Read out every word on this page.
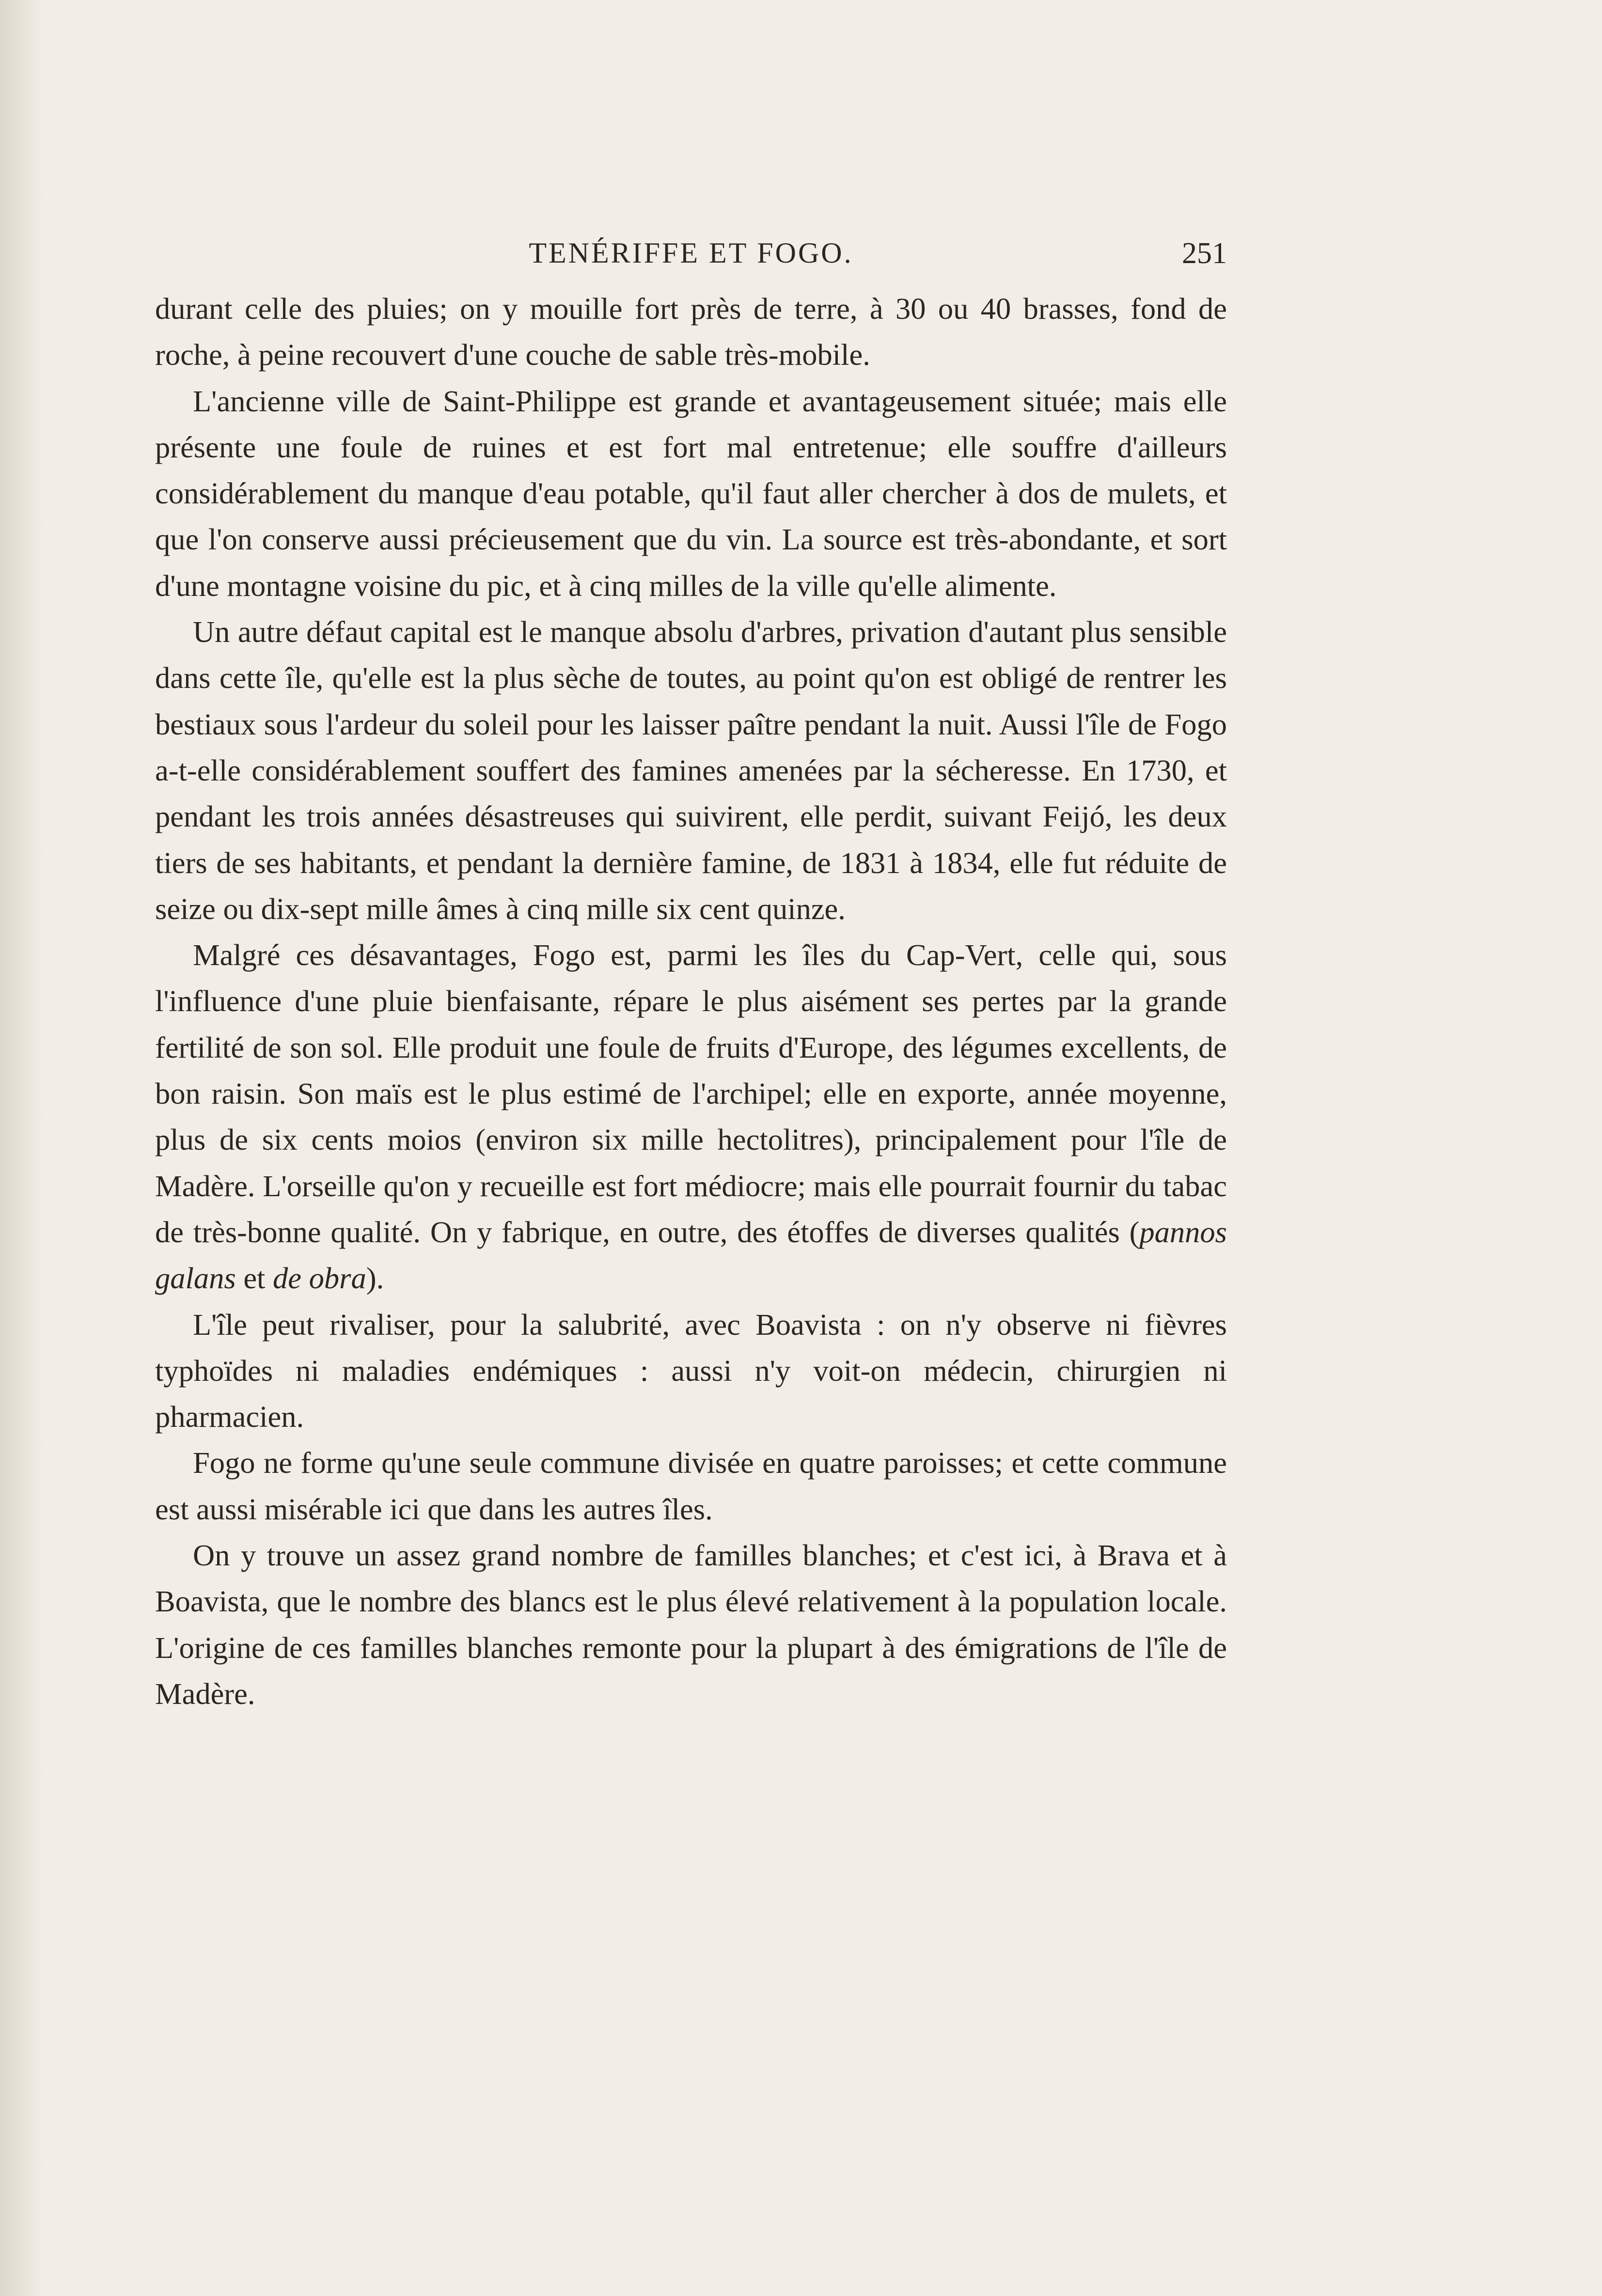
TENÉRIFFE ET FOGO.	251

durant celle des pluies; on y mouille fort près de terre, à 30 ou 40 brasses, fond de roche, à peine recouvert d'une couche de sable très-mobile.

L'ancienne ville de Saint-Philippe est grande et avantageusement située; mais elle présente une foule de ruines et est fort mal entretenue; elle souffre d'ailleurs considérablement du manque d'eau potable, qu'il faut aller chercher à dos de mulets, et que l'on conserve aussi précieusement que du vin. La source est très-abondante, et sort d'une montagne voisine du pic, et à cinq milles de la ville qu'elle alimente.

Un autre défaut capital est le manque absolu d'arbres, privation d'autant plus sensible dans cette île, qu'elle est la plus sèche de toutes, au point qu'on est obligé de rentrer les bestiaux sous l'ardeur du soleil pour les laisser paître pendant la nuit. Aussi l'île de Fogo a-t-elle considérablement souffert des famines amenées par la sécheresse. En 1730, et pendant les trois années désastreuses qui suivirent, elle perdit, suivant Feijó, les deux tiers de ses habitants, et pendant la dernière famine, de 1831 à 1834, elle fut réduite de seize ou dix-sept mille âmes à cinq mille six cent quinze.

Malgré ces désavantages, Fogo est, parmi les îles du Cap-Vert, celle qui, sous l'influence d'une pluie bienfaisante, répare le plus aisément ses pertes par la grande fertilité de son sol. Elle produit une foule de fruits d'Europe, des légumes excellents, de bon raisin. Son maïs est le plus estimé de l'archipel; elle en exporte, année moyenne, plus de six cents moios (environ six mille hectolitres), principalement pour l'île de Madère. L'orseille qu'on y recueille est fort médiocre; mais elle pourrait fournir du tabac de très-bonne qualité. On y fabrique, en outre, des étoffes de diverses qualités (pannos galans et de obra).

L'île peut rivaliser, pour la salubrité, avec Boavista : on n'y observe ni fièvres typhoïdes ni maladies endémiques : aussi n'y voit-on médecin, chirurgien ni pharmacien.

Fogo ne forme qu'une seule commune divisée en quatre paroisses; et cette commune est aussi misérable ici que dans les autres îles.

On y trouve un assez grand nombre de familles blanches; et c'est ici, à Brava et à Boavista, que le nombre des blancs est le plus élevé relativement à la population locale. L'origine de ces familles blanches remonte pour la plupart à des émigrations de l'île de Madère.
